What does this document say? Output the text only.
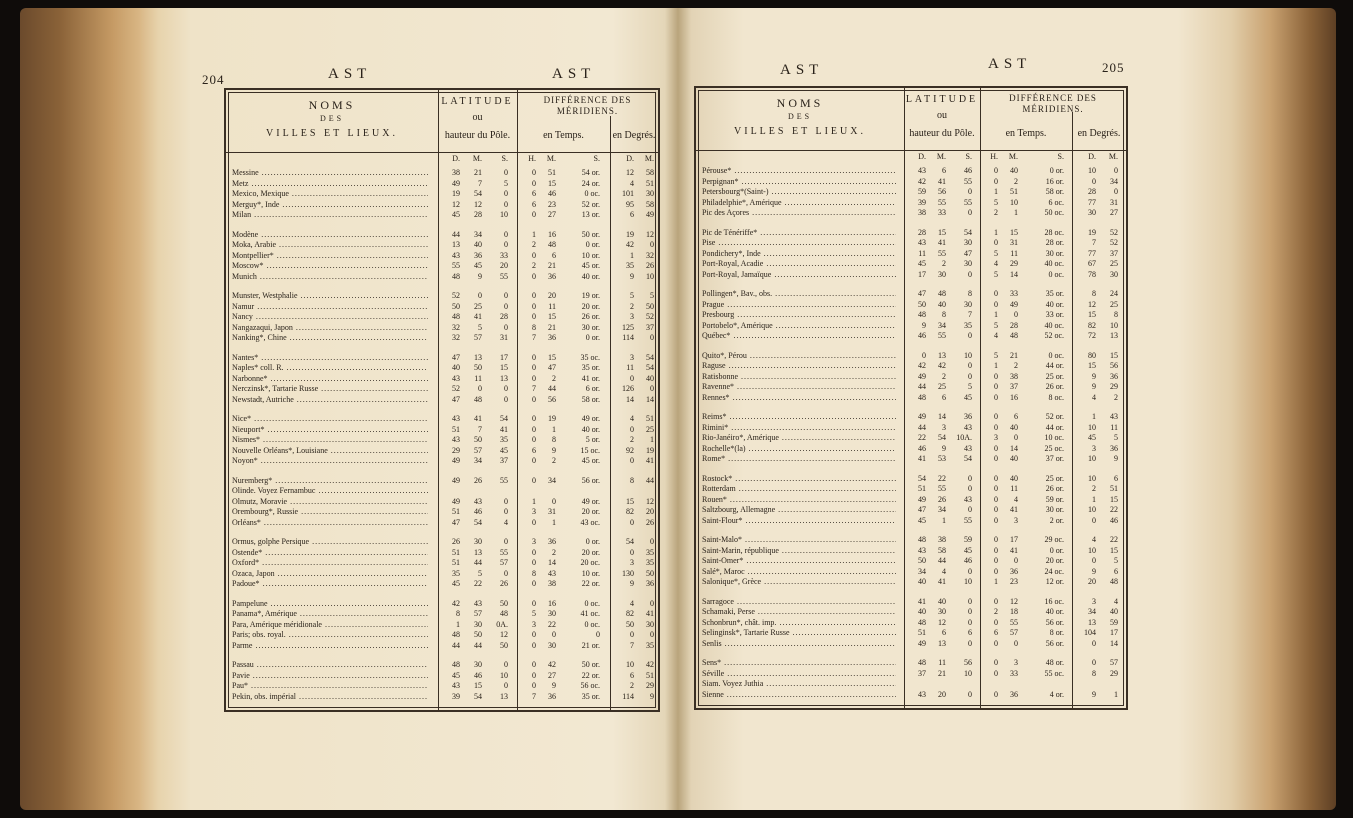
204	AST	AST
NOMS
DES
VILLES ET LIEUX.
LATITUDE
ou
hauteur du Pôle.
DIFFÉRENCE DES MÉRIDIENS.
en Temps.	en Degrés.
D.	M.	S.	H.	M.	S.	D.	M.
Messine .....	38	21	0	0	51	54 or.	12	58
Metz .....	49	7	5	0	15	24 or.	4	51
Mexico, Mexique .....	19	54	0	6	46	0 oc.	101	30
Merguy*, Inde .....	12	12	0	6	23	52 or.	95	58
Milan .....	45	28	10	0	27	13 or.	6	49
Modène .....	44	34	0	1	16	50 or.	19	12
Moka, Arabie .....	13	40	0	2	48	0 or.	42	0
Montpellier* .....	43	36	33	0	6	10 or.	1	32
Moscow* .....	55	45	20	2	21	45 or.	35	26
Munich .....	48	9	55	0	36	40 or.	9	10
Munster, Westphalie .....	52	0	0	0	20	19 or.	5	5
Namur .....	50	25	0	0	11	20 or.	2	50
Nancy .....	48	41	28	0	15	26 or.	3	52
Nangazaqui, Japon .....	32	5	0	8	21	30 or.	125	37
Nanking*, Chine .....	32	57	31	7	36	0 or.	114	0
Nantes* .....	47	13	17	0	15	35 oc.	3	54
Naples* coll. R. .....	40	50	15	0	47	35 or.	11	54
Narbonne* .....	43	11	13	0	2	41 or.	0	40
Nerczinsk*, Tartarie Russe .....	52	0	0	7	44	6 or.	126	0
Newstadt, Autriche .....	47	48	0	0	56	58 or.	14	14
Nice* .....	43	41	54	0	19	49 or.	4	51
Nieuport* .....	51	7	41	0	1	40 or.	0	25
Nismes* .....	43	50	35	0	8	5 or.	2	1
Nouvelle Orléans*, Louisiane .....	29	57	45	6	9	15 oc.	92	19
Noyon* .....	49	34	37	0	2	45 or.	0	41
Nuremberg* .....	49	26	55	0	34	56 or.	8	44
Olinde. Voyez Fernambuc .....
Olmutz, Moravie .....	49	43	0	1	0	49 or.	15	12
Orembourg*, Russie .....	51	46	0	3	31	20 or.	82	20
Orléans* .....	47	54	4	0	1	43 oc.	0	26
Ormus, golphe Persique .....	26	30	0	3	36	0 or.	54	0
Ostende* .....	51	13	55	0	2	20 or.	0	35
Oxford* .....	51	44	57	0	14	20 oc.	3	35
Ozaca, Japon .....	35	5	0	8	43	10 or.	130	50
Padoue* .....	45	22	26	0	38	22 or.	9	36
Pampelune .....	42	43	50	0	16	0 oc.	4	0
Panama*, Amérique .....	8	57	48	5	30	41 oc.	82	41
Para, Amérique méridionale .....	1	30	0A.	3	22	0 oc.	50	30
Paris; obs. royal. .....	48	50	12	0	0	0	0	0
Parme .....	44	44	50	0	30	21 or.	7	35
Passau .....	48	30	0	0	42	50 or.	10	42
Pavie .....	45	46	10	0	27	22 or.	6	51
Pau* .....	43	15	0	0	9	56 oc.	2	29
Pekin, obs. impérial .....	39	54	13	7	36	35 or.	114	9
205
AST	AST
NOMS
DES
VILLES ET LIEUX.
LATITUDE
ou
hauteur du Pôle.
DIFFÉRENCE DES MÉRIDIENS.
en Temps.	en Degrés.
D.	M.	S.	H.	M.	S.	D.	M.
Pérouse* .....	43	6	46	0	40	0 or.	10	0
Perpignan* .....	42	41	55	0	2	16 or.	0	34
Petersbourg*(Saint-) .....	59	56	0	1	51	58 or.	28	0
Philadelphie*, Amérique .....	39	55	55	5	10	6 oc.	77	31
Pic des Açores .....	38	33	0	2	1	50 oc.	30	27
Pic de Ténériffe* .....	28	15	54	1	15	28 oc.	19	52
Pise .....	43	41	30	0	31	28 or.	7	52
Pondichery*, Inde .....	11	55	47	5	11	30 or.	77	37
Port-Royal, Acadie .....	45	2	30	4	29	40 oc.	67	25
Port-Royal, Jamaïque .....	17	30	0	5	14	0 oc.	78	30
Pollingen*, Bav., obs. .....	47	48	8	0	33	35 or.	8	24
Prague .....	50	40	30	0	49	40 or.	12	25
Presbourg .....	48	8	7	1	0	33 or.	15	8
Portobelo*, Amérique .....	9	34	35	5	28	40 oc.	82	10
Québec* .....	46	55	0	4	48	52 oc.	72	13
Quito*, Pérou .....	0	13	10	5	21	0 oc.	80	15
Raguse .....	42	42	0	1	2	44 or.	15	56
Ratisbonne .....	49	2	0	0	38	25 or.	9	36
Ravenne* .....	44	25	5	0	37	26 or.	9	29
Rennes* .....	48	6	45	0	16	8 oc.	4	2
Reims* .....	49	14	36	0	6	52 or.	1	43
Rimini* .....	44	3	43	0	40	44 or.	10	11
Rio-Janéiro*, Amérique .....	22	54	10A.	3	0	10 oc.	45	5
Rochelle*(la) .....	46	9	43	0	14	25 oc.	3	36
Rome* .....	41	53	54	0	40	37 or.	10	9
Rostock* .....	54	22	0	0	40	25 or.	10	6
Rotterdam .....	51	55	0	0	11	26 or.	2	51
Rouen* .....	49	26	43	0	4	59 or.	1	15
Saltzbourg, Allemagne .....	47	34	0	0	41	30 or.	10	22
Saint-Flour* .....	45	1	55	0	3	2 or.	0	46
Saint-Malo* .....	48	38	59	0	17	29 oc.	4	22
Saint-Marin, république .....	43	58	45	0	41	0 or.	10	15
Saint-Omer* .....	50	44	46	0	0	20 or.	0	5
Salé*, Maroc .....	34	4	0	0	36	24 oc.	9	6
Salonique*, Grèce .....	40	41	10	1	23	12 or.	20	48
Sarragoce .....	41	40	0	0	12	16 oc.	3	4
Schamaki, Perse .....	40	30	0	2	18	40 or.	34	40
Schonbrun*, chât. imp. .....	48	12	0	0	55	56 or.	13	59
Selinginsk*, Tartarie Russe .....	51	6	6	6	57	8 or.	104	17
Senlis .....	49	13	0	0	0	56 or.	0	14
Sens* .....	48	11	56	0	3	48 or.	0	57
Séville .....	37	21	10	0	33	55 oc.	8	29
Siam. Voyez Juthia .....
Sienne .....	43	20	0	0	36	4 or.	9	1
